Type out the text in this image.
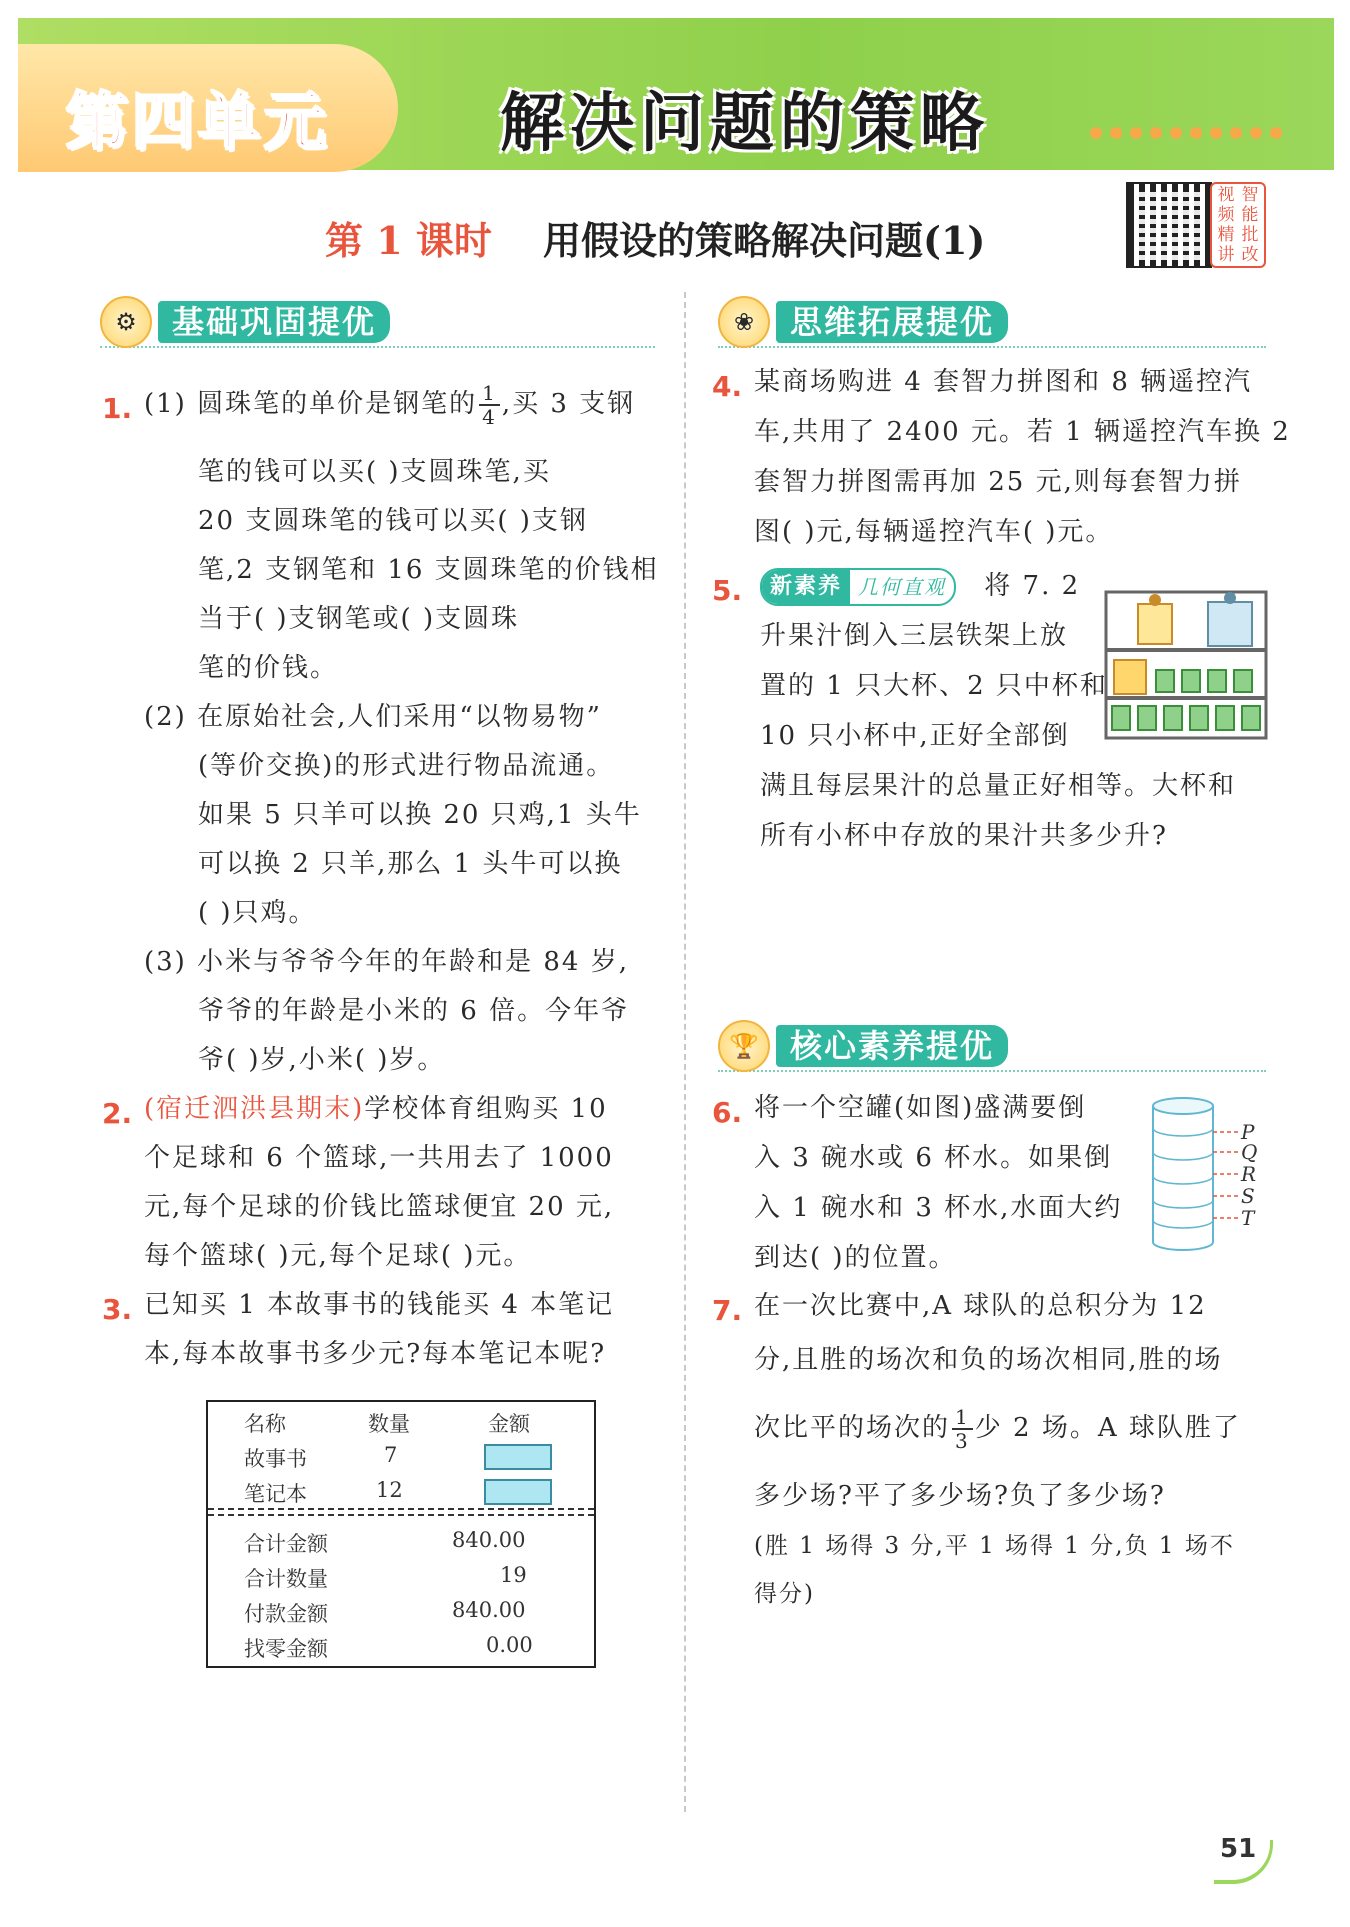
第四单元	解决问题的策略
第 1 课时 用假设的策略解决问题(1)
视 智
频 能
精 批
讲 改
⚙	基础巩固提优
1. (1) 圆珠笔的单价是钢笔的 $\frac{1}{4}$ ,买 3 支钢
笔的钱可以买( )支圆珠笔,买
20 支圆珠笔的钱可以买( )支钢
笔,2 支钢笔和 16 支圆珠笔的价钱相
当于( )支钢笔或( )支圆珠
笔的价钱。
(2) 在原始社会,人们采用“以物易物”
(等价交换)的形式进行物品流通。
如果 5 只羊可以换 20 只鸡,1 头牛
可以换 2 只羊,那么 1 头牛可以换
( )只鸡。
(3) 小米与爷爷今年的年龄和是 84 岁,
爷爷的年龄是小米的 6 倍。今年爷
爷( )岁,小米( )岁。
2. (宿迁泗洪县期末)学校体育组购买 10
个足球和 6 个篮球,一共用去了 1000
元,每个足球的价钱比篮球便宜 20 元,
每个篮球( )元,每个足球( )元。
3. 已知买 1 本故事书的钱能买 4 本笔记
本,每本故事书多少元?每本笔记本呢?
名称	数量	金额
故事书	7
笔记本	12
合计金额	840.00
合计数量	19
付款金额	840.00
找零金额	0.00
❀	思维拓展提优
4. 某商场购进 4 套智力拼图和 8 辆遥控汽
车,共用了 2400 元。若 1 辆遥控汽车换 2
套智力拼图需再加 25 元,则每套智力拼
图( )元,每辆遥控汽车( )元。
5.	新素养 几何直观	将 7. 2
升果汁倒入三层铁架上放
置的 1 只大杯、2 只中杯和
10 只小杯中,正好全部倒
满且每层果汁的总量正好相等。大杯和
所有小杯中存放的果汁共多少升?
🏆 核心素养提优
6. 将一个空罐(如图)盛满要倒
入 3 碗水或 6 杯水。如果倒
入 1 碗水和 3 杯水,水面大约
到达( )的位置。
P
Q
R
S
T
7. 在一次比赛中,A 球队的总积分为 12
分,且胜的场次和负的场次相同,胜的场
次比平的场次的 $\frac{1}{3}$ 少 2 场。A 球队胜了
多少场?平了多少场?负了多少场?
(胜 1 场得 3 分,平 1 场得 1 分,负 1 场不
得分)
51
